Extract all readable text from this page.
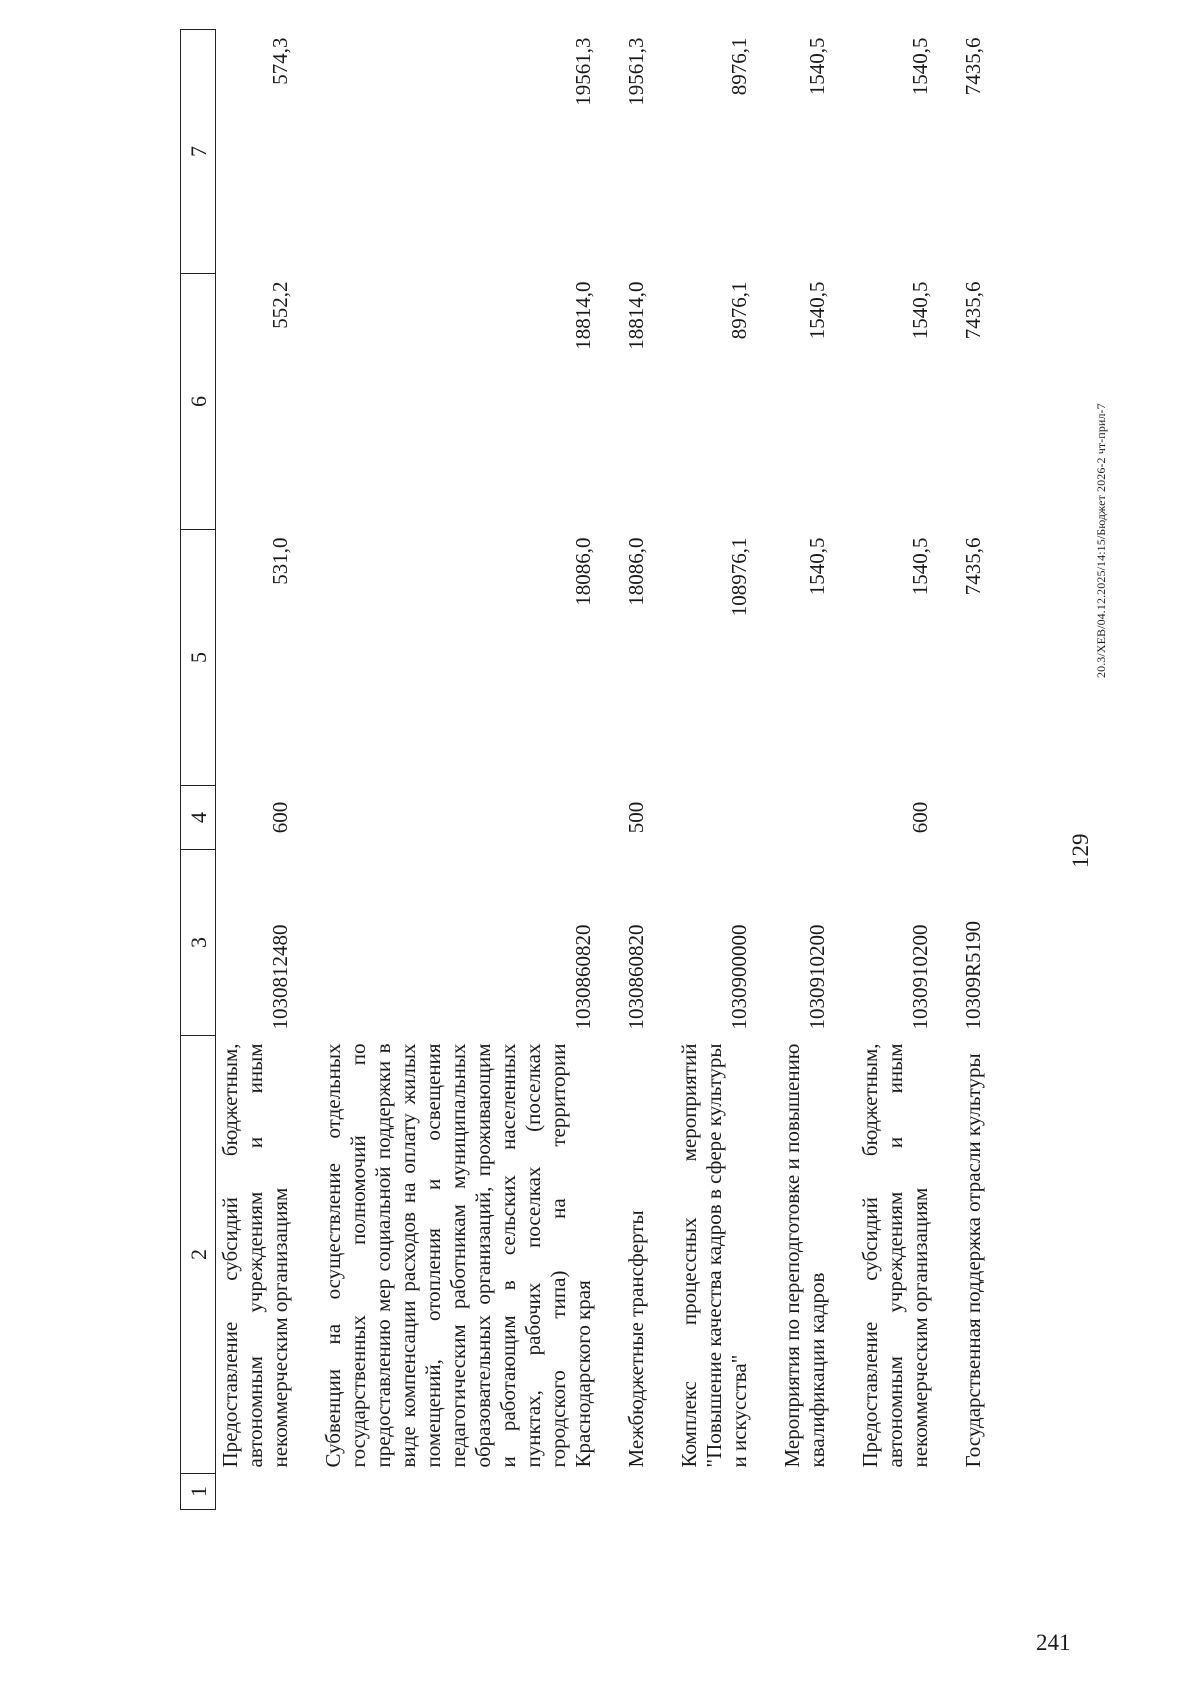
1	2	3	4	5	6	7
	Предоставление субсидий бюджетным, автономным учреждениям и иным некоммерческим организациям	1030812480	600	531,0	552,2	574,3
	Субвенции на осуществление отдельных государственных полномочий по предоставлению мер социальной поддержки в виде компенсации расходов на оплату жилых помещений, отопления и освещения педагогическим работникам муниципальных образовательных организаций, проживающим и работающим в сельских населенных пунктах, рабочих поселках (поселках городского типа) на территории Краснодарского края	1030860820		18086,0	18814,0	19561,3
	Межбюджетные трансферты	1030860820	500	18086,0	18814,0	19561,3
	Комплекс процессных мероприятий "Повышение качества кадров в сфере культуры и искусства"	1030900000		108976,1	8976,1	8976,1
	Мероприятия по переподготовке и повышению квалификации кадров	1030910200		1540,5	1540,5	1540,5
	Предоставление субсидий бюджетным, автономным учреждениям и иным некоммерческим организациям	1030910200	600	1540,5	1540,5	1540,5
	Государственная поддержка отрасли культуры	10309R5190		7435,6	7435,6	7435,6
129
20.3/XEB/04.12.2025/14:15/Бюджет 2026-2 чт-прил-7
241
